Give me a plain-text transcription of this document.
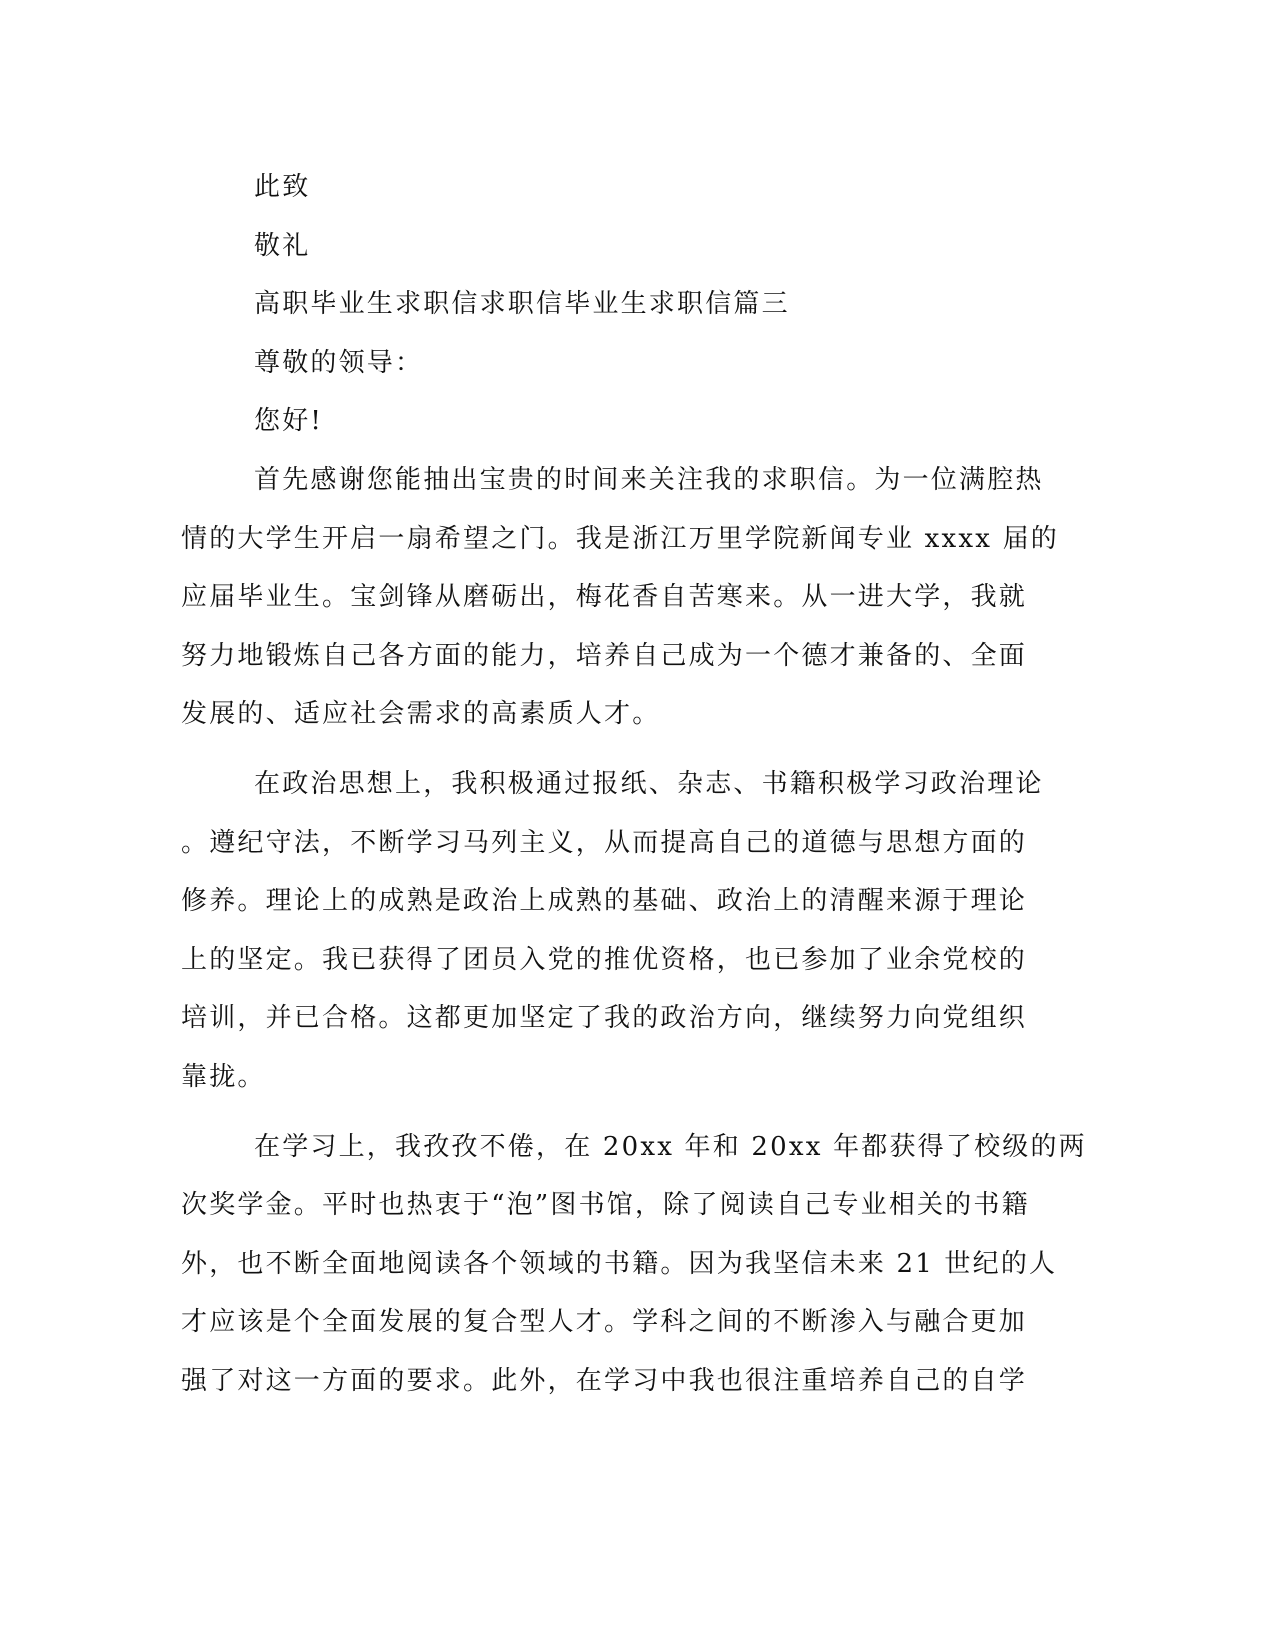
此致
敬礼
高职毕业生求职信求职信毕业生求职信篇三
尊敬的领导：
您好!
首先感谢您能抽出宝贵的时间来关注我的求职信。为一位满腔热
情的大学生开启一扇希望之门。我是浙江万里学院新闻专业 xxxx 届的
应届毕业生。宝剑锋从磨砺出，梅花香自苦寒来。从一进大学，我就
努力地锻炼自己各方面的能力，培养自己成为一个德才兼备的、全面
发展的、适应社会需求的高素质人才。
在政治思想上，我积极通过报纸、杂志、书籍积极学习政治理论
。遵纪守法，不断学习马列主义，从而提高自己的道德与思想方面的
修养。理论上的成熟是政治上成熟的基础、政治上的清醒来源于理论
上的坚定。我已获得了团员入党的推优资格，也已参加了业余党校的
培训，并已合格。这都更加坚定了我的政治方向，继续努力向党组织
靠拢。
在学习上，我孜孜不倦，在 20xx 年和 20xx 年都获得了校级的两
次奖学金。平时也热衷于“泡”图书馆，除了阅读自己专业相关的书籍
外，也不断全面地阅读各个领域的书籍。因为我坚信未来 21 世纪的人
才应该是个全面发展的复合型人才。学科之间的不断渗入与融合更加
强了对这一方面的要求。此外，在学习中我也很注重培养自己的自学
